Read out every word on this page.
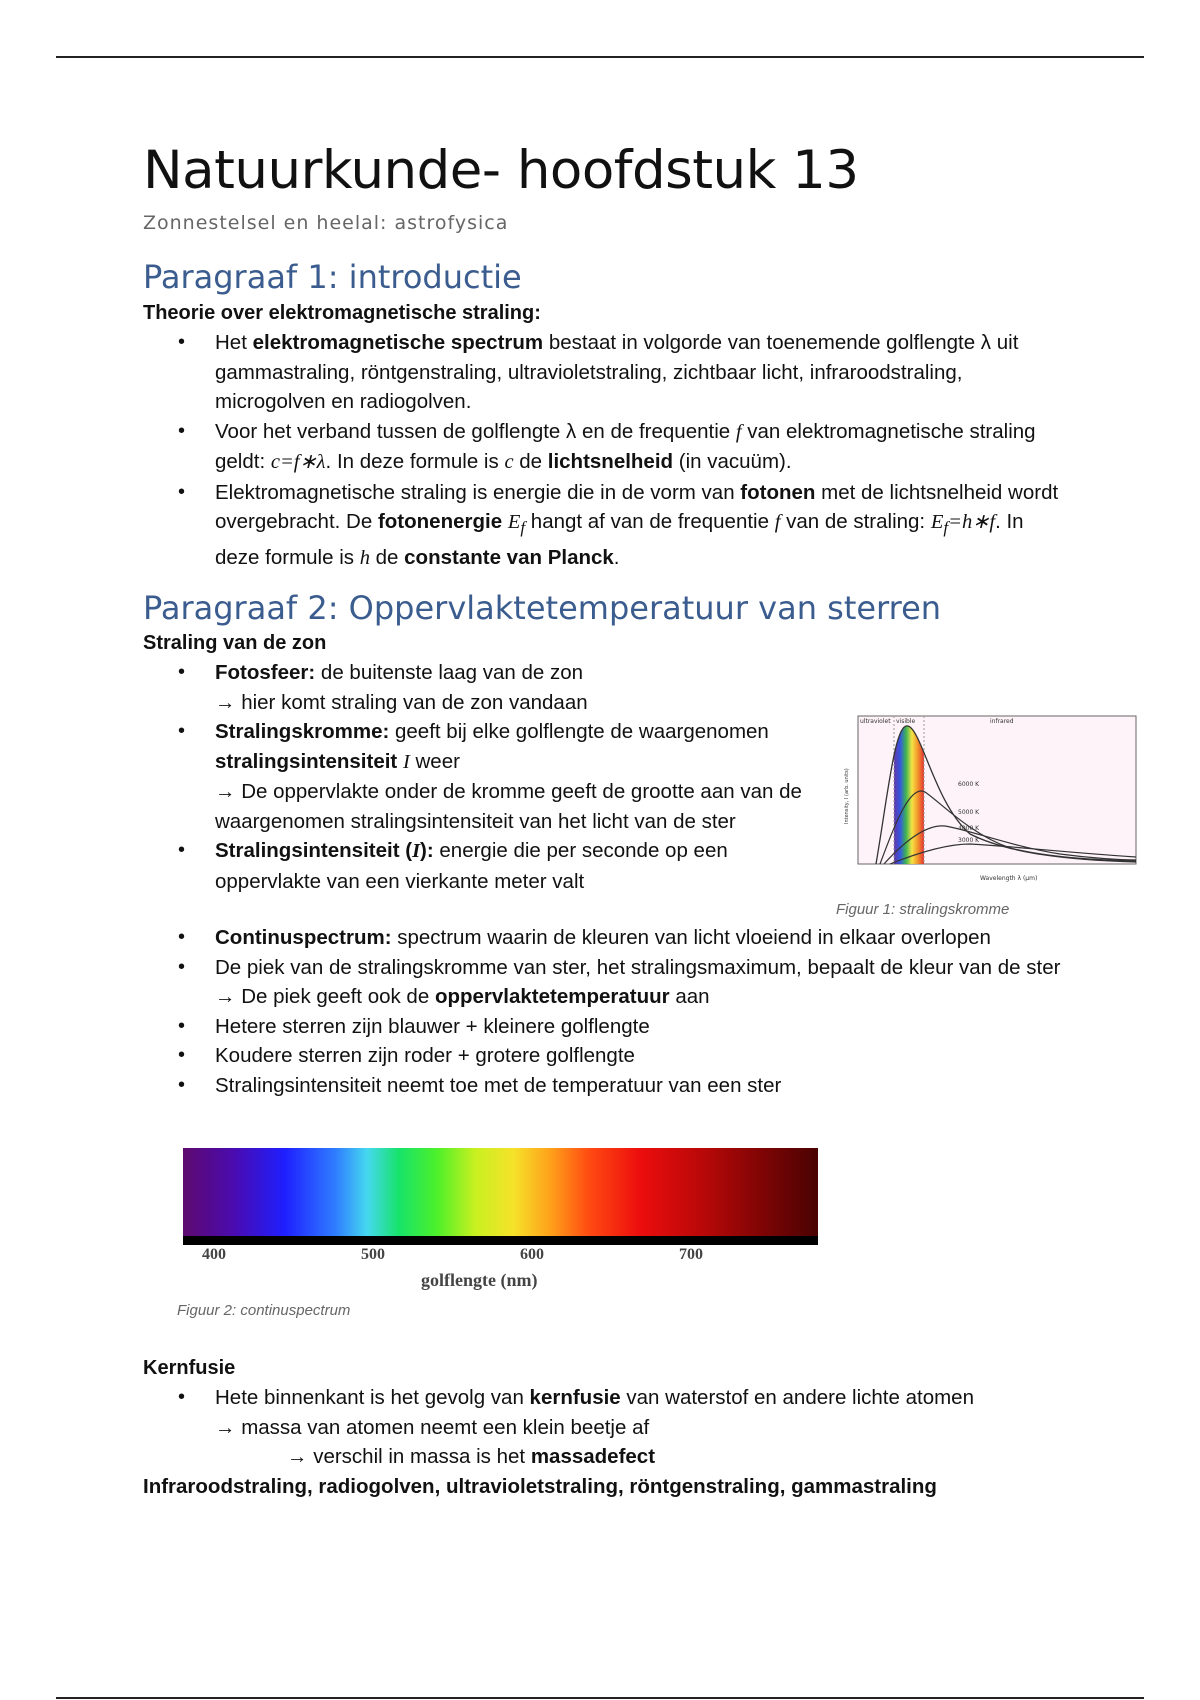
Natuurkunde- hoofdstuk 13
Zonnestelsel en heelal: astrofysica
Paragraaf 1: introductie
Theorie over elektromagnetische straling:
• Het elektromagnetische spectrum bestaat in volgorde van toenemende golflengte λ uit gammastraling, röntgenstraling, ultravioletstraling, zichtbaar licht, infraroodstraling, microgolven en radiogolven.
• Voor het verband tussen de golflengte λ en de frequentie f van elektromagnetische straling geldt: c=f∗λ. In deze formule is c de lichtsnelheid (in vacuüm).
• Elektromagnetische straling is energie die in de vorm van fotonen met de lichtsnelheid wordt overgebracht. De fotonenergie $E_f$ hangt af van de frequentie f van de straling: $E_f=h∗f$. In deze formule is h de constante van Planck.
Paragraaf 2: Oppervlaktetemperatuur van sterren
Straling van de zon
• Fotosfeer: de buitenste laag van de zon
→ hier komt straling van de zon vandaan
• Stralingskromme: geeft bij elke golflengte de waargenomen stralingsintensiteit I weer
→ De oppervlakte onder de kromme geeft de grootte aan van de waargenomen stralingsintensiteit van het licht van de ster
• Stralingsintensiteit (I): energie die per seconde op een oppervlakte van een vierkante meter valt
• Continuspectrum: spectrum waarin de kleuren van licht vloeiend in elkaar overlopen
• De piek van de stralingskromme van ster, het stralingsmaximum, bepaalt de kleur van de ster
→ De piek geeft ook de oppervlaktetemperatuur aan
• Hetere sterren zijn blauwer + kleinere golflengte
• Koudere sterren zijn roder + grotere golflengte
• Stralingsintensiteit neemt toe met de temperatuur van een ster
ultraviolet visible	infrared
6000 K
5000 K
4000 K
3000 K
Intensity, I (arb. units)
Wavelength λ (μm)
Figuur 1: stralingskromme
400	500	600	700
golflengte (nm)
Figuur 2: continuspectrum
Kernfusie
• Hete binnenkant is het gevolg van kernfusie van waterstof en andere lichte atomen
→ massa van atomen neemt een klein beetje af
→ verschil in massa is het massadefect
Infraroodstraling, radiogolven, ultravioletstraling, röntgenstraling, gammastraling
